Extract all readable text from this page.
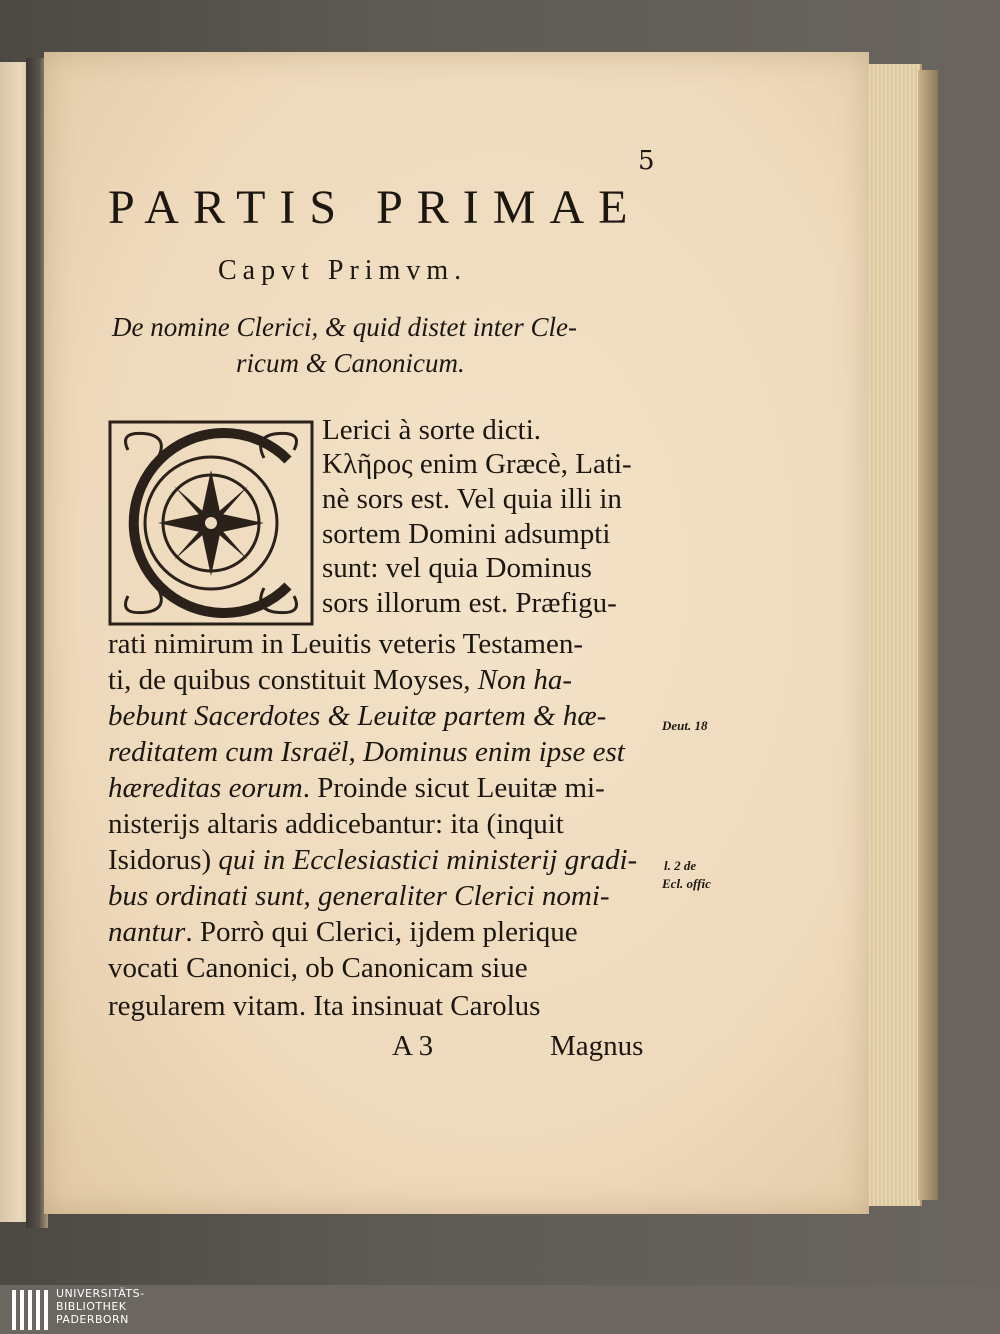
5
PARTIS PRIMAE
Capvt Primvm.
De nomine Clerici, & quid distet inter Cle-
ricum & Canonicum.
Lerici à sorte dicti.
Κλῆρος enim Græcè, Lati-
nè sors est. Vel quia illi in
sortem Domini adsumpti
sunt: vel quia Dominus
sors illorum est. Præfigu-
rati nimirum in Leuitis veteris Testamen-
ti, de quibus constituit Moyses, Non ha-
bebunt Sacerdotes & Leuitæ partem & hæ-
reditatem cum Israël, Dominus enim ipse est
hæreditas eorum. Proinde sicut Leuitæ mi-
nisterijs altaris addicebantur: ita (inquit
Isidorus) qui in Ecclesiastici ministerij gradi-
bus ordinati sunt, generaliter Clerici nomi-
nantur. Porrò qui Clerici, ijdem plerique
vocati Canonici, ob Canonicam siue
regularem vitam. Ita insinuat Carolus
A 3	Magnus
Deut. 18
l. 2 de
Ecl. offic
UNIVERSITÄTS-
BIBLIOTHEK
PADERBORN
